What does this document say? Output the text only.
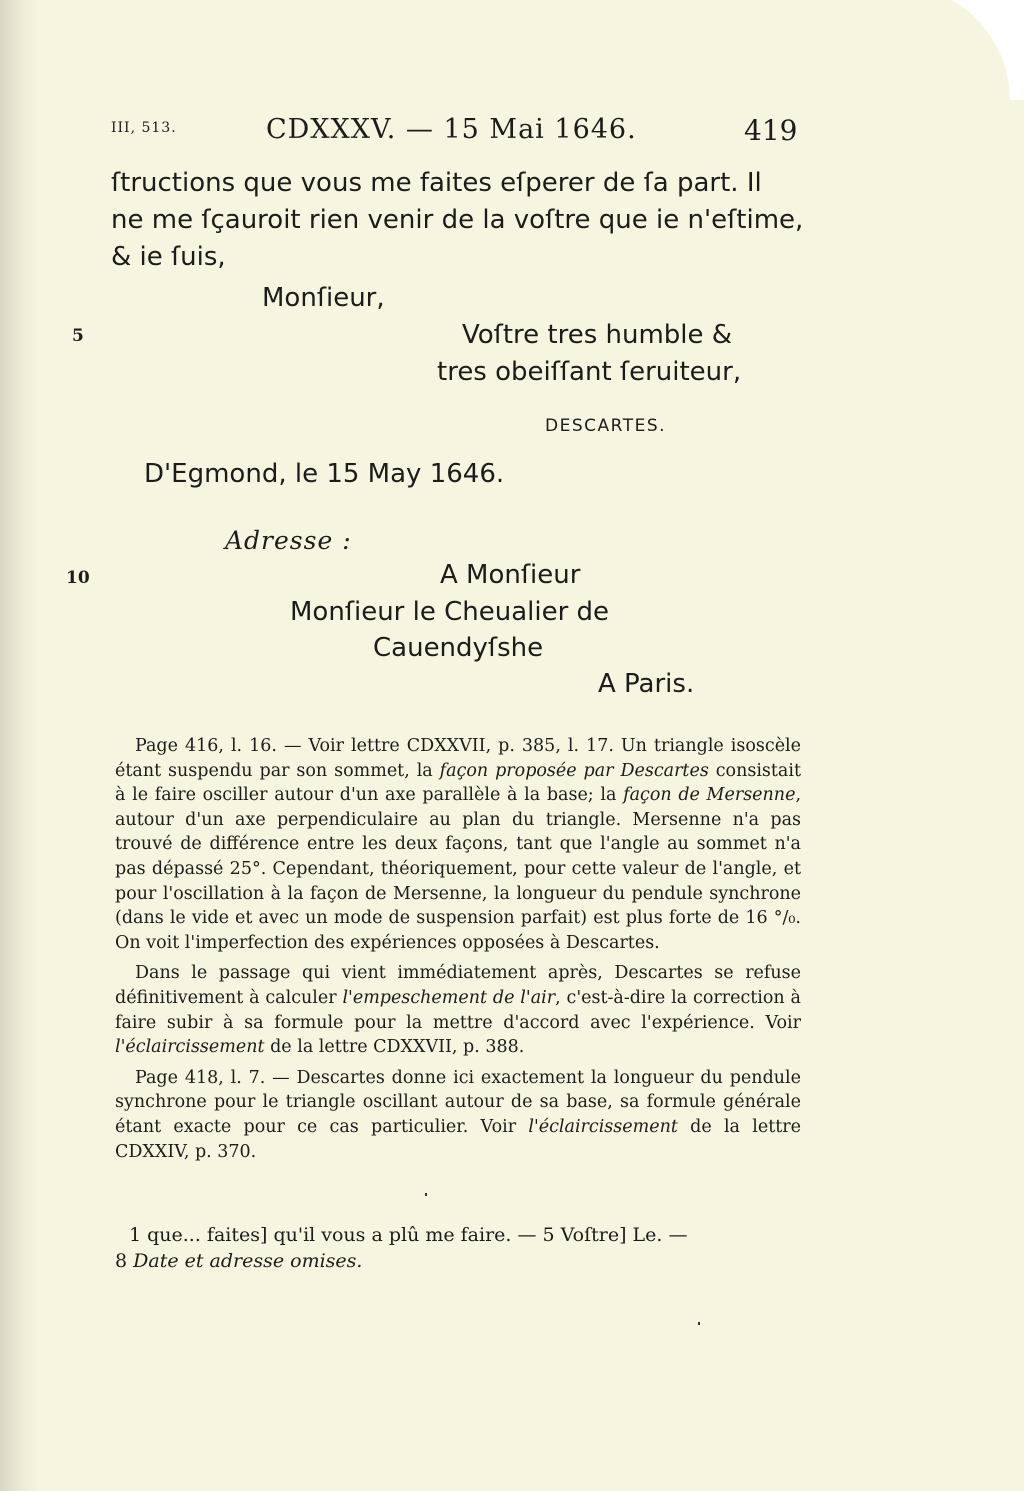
III, 513.	CDXXXV. — 15 Mai 1646.	419
ſtructions que vous me faites eſperer de ſa part. Il
ne me ſçauroit rien venir de la voſtre que ie n'eſtime,
& ie ſuis,
Monſieur,
Voſtre tres humble &
tres obeiſſant ſeruiteur,
DESCARTES.
D'Egmond, le 15 May 1646.
Adresse :
A Monſieur
Monſieur le Cheualier de
Cauendyſshe
A Paris.
5
10

Page 416, l. 16. — Voir lettre CDXXVII, p. 385, l. 17. Un triangle isoscèle étant suspendu par son sommet, la façon proposée par Descartes consistait à le faire osciller autour d'un axe parallèle à la base; la façon de Mersenne, autour d'un axe perpendiculaire au plan du triangle. Mersenne n'a pas trouvé de différence entre les deux façons, tant que l'angle au sommet n'a pas dépassé 25°. Cependant, théoriquement, pour cette valeur de l'angle, et pour l'oscillation à la façon de Mersenne, la longueur du pendule synchrone (dans le vide et avec un mode de suspension parfait) est plus forte de 16 °/₀. On voit l'imperfection des expériences opposées à Descartes.

Dans le passage qui vient immédiatement après, Descartes se refuse définitivement à calculer l'empeschement de l'air, c'est-à-dire la correction à faire subir à sa formule pour la mettre d'accord avec l'expérience. Voir l'éclaircissement de la lettre CDXXVII, p. 388.

Page 418, l. 7. — Descartes donne ici exactement la longueur du pendule synchrone pour le triangle oscillant autour de sa base, sa formule générale étant exacte pour ce cas particulier. Voir l'éclaircissement de la lettre CDXXIV, p. 370.

1 que... faites] qu'il vous a plû me faire. — 5 Voſtre] Le. —
8 Date et adresse omises.
